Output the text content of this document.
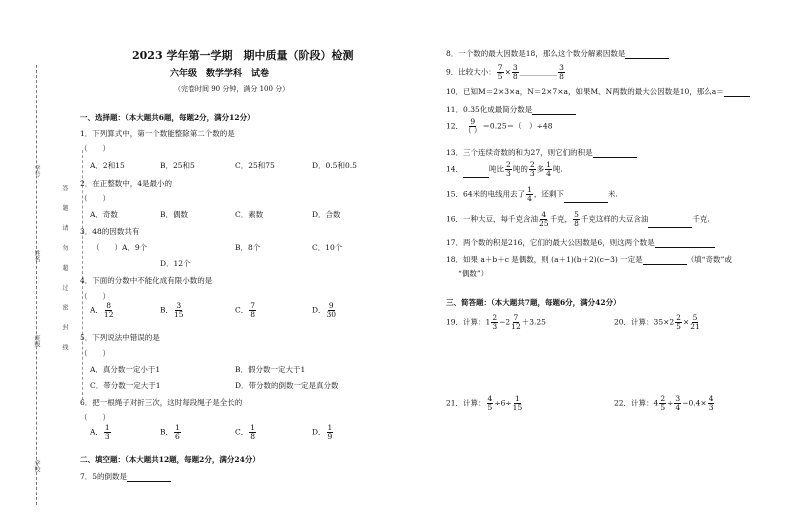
学号
姓名
班级
学校
答 题 请 勿 超 过 密 封 线
2023 学年第一学期　期中质量（阶段）检测
六年级　数学学科　试卷
（完卷时间 90 分钟，满分 100 分）
一、选择题：（本大题共6题，每题2分，满分12分）
1．下列算式中，第一个数能整除第二个数的是
（　　）
A．2和15	B．25和5	C．25和75	D．0.5和0.5
2．在正整数中，4是最小的
（　　）
A．奇数	B．偶数	C．素数	D．合数
3．48的因数共有
（　　）A．9个	B．8个	C．10个
D．12个
4．下面的分数中不能化成有限小数的是
（　　）
A． $\frac{8}{12}$	B． $\frac{3}{15}$	C． $\frac{7}{8}$	D． $\frac{9}{30}$
5．下列说法中错误的是
（　　）
A．真分数一定小于1	B．假分数一定大于1
C．带分数一定大于1	D．带分数的倒数一定是真分数
6．把一根绳子对折三次，这时每段绳子是全长的
（　　）
A． $\frac{1}{3}$	B． $\frac{1}{6}$	C． $\frac{1}{8}$	D． $\frac{1}{9}$
二、填空题：（本大题共12题，每题2分，满分24分）
7．5的倒数是
8．一个数的最大因数是18，那么这个数分解素因数是
9．比较大小： $\frac{7}{5} \times \frac{3}{8}$ ＿＿＿＿＿ $\frac{3}{8}$
10．已知M＝2×3×a，N＝2×7×a，如果M、N两数的最大公因数是10，那么a＝
11．0.35化成最简分数是
12． $\frac{9}{( )} =0.25=$（　）÷48
13．三个连续奇数的和为27，则它们的积是
14．	吨比 $\frac{2}{3}$ 吨的 $\frac{2}{3}$ 多 $\frac{1}{4}$ 吨.
15．64米的电线用去了 $\frac{1}{4}$ ，还剩下	米.
16．一种大豆，每千克含油 $\frac{4}{25}$ 千克， $\frac{5}{8}$ 千克这样的大豆含油	千克.
17．两个数的积是216，它们的最大公因数是6，则这两个数是
18．如果 a＋b＋c 是偶数，则 (a＋1)(b＋2)(c−3) 一定是	（填“奇数”或
“偶数”）
三、简答题：（本大题共7题，每题6分，满分42分）
19．计算：$1 \frac{2}{3} -2 \frac{7}{12} +3.25$	20．计算：$35\times 2 \frac{2}{5} \times \frac{5}{21}$
21．计算： $\frac{4}{5} \div 6\div \frac{1}{15}$	22．计算：$4 \frac{2}{5} \div \frac{3}{4} -0.4\times \frac{4}{3}$
